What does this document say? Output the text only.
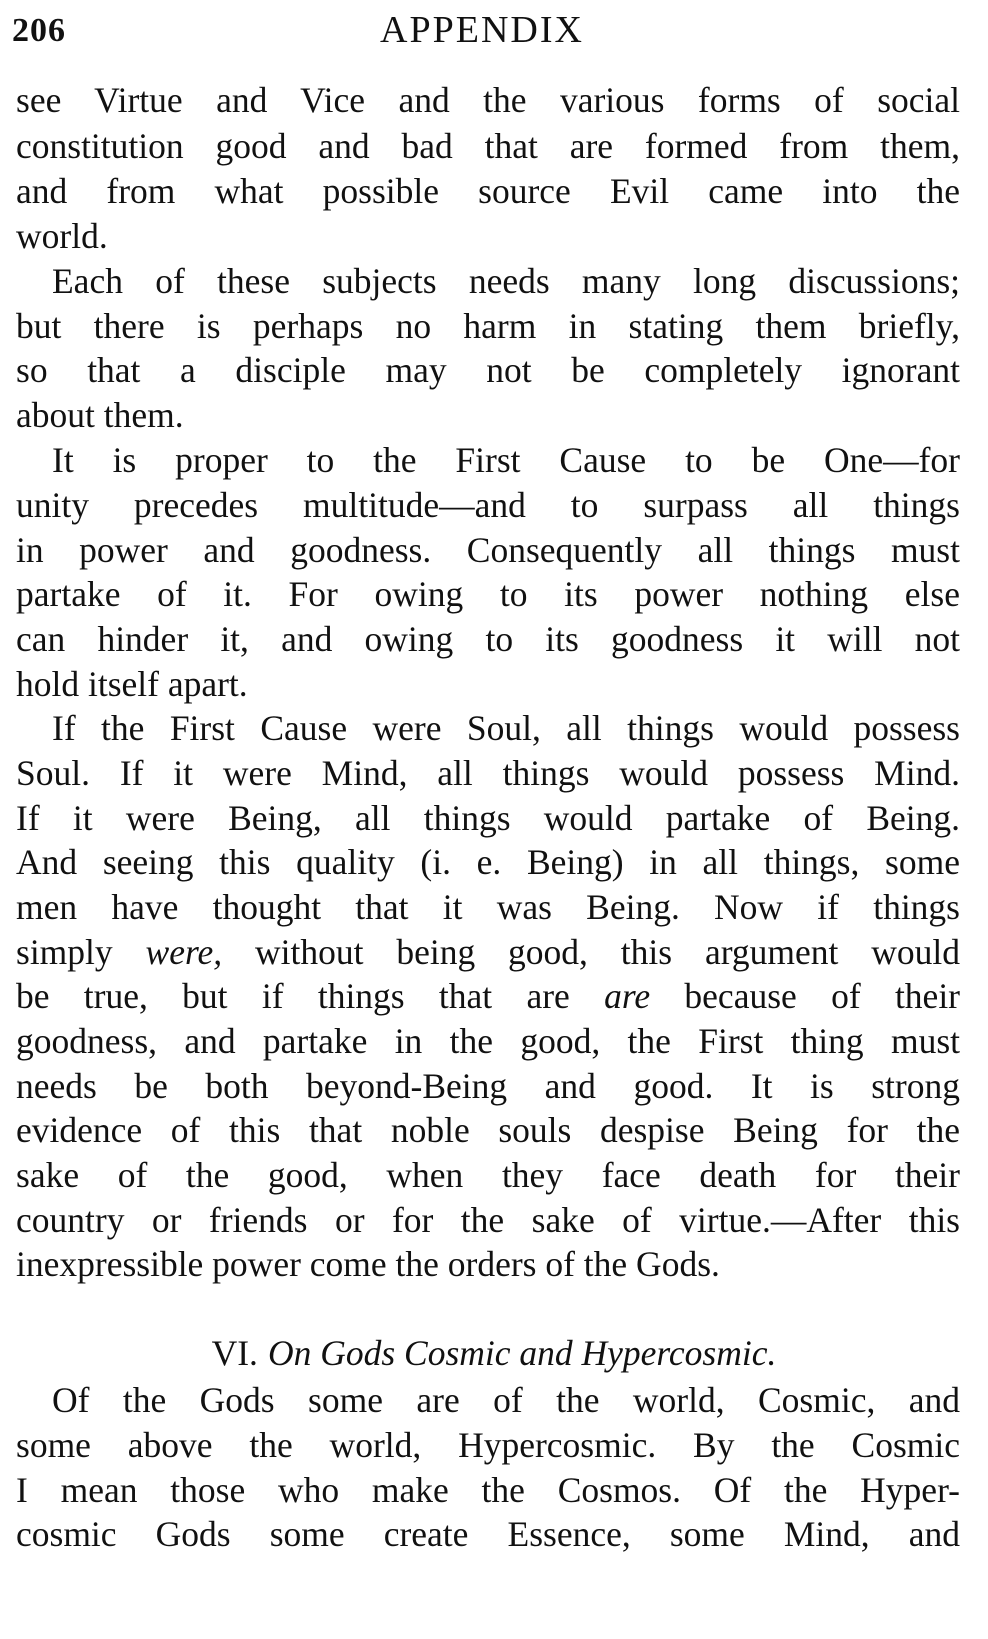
206	APPENDIX
see Virtue and Vice and the various forms of social
constitution good and bad that are formed from them,
and from what possible source Evil came into the
world.
Each of these subjects needs many long discussions;
but there is perhaps no harm in stating them briefly,
so that a disciple may not be completely ignorant
about them.
It is proper to the First Cause to be One—for
unity precedes multitude—and to surpass all things
in power and goodness. Consequently all things must
partake of it. For owing to its power nothing else
can hinder it, and owing to its goodness it will not
hold itself apart.
If the First Cause were Soul, all things would possess
Soul. If it were Mind, all things would possess Mind.
If it were Being, all things would partake of Being.
And seeing this quality (i. e. Being) in all things, some
men have thought that it was Being. Now if things
simply were, without being good, this argument would
be true, but if things that are are because of their
goodness, and partake in the good, the First thing must
needs be both beyond-Being and good. It is strong
evidence of this that noble souls despise Being for the
sake of the good, when they face death for their
country or friends or for the sake of virtue.—After this
inexpressible power come the orders of the Gods.
VI. On Gods Cosmic and Hypercosmic.
Of the Gods some are of the world, Cosmic, and
some above the world, Hypercosmic. By the Cosmic
I mean those who make the Cosmos. Of the Hyper-
cosmic Gods some create Essence, some Mind, and
